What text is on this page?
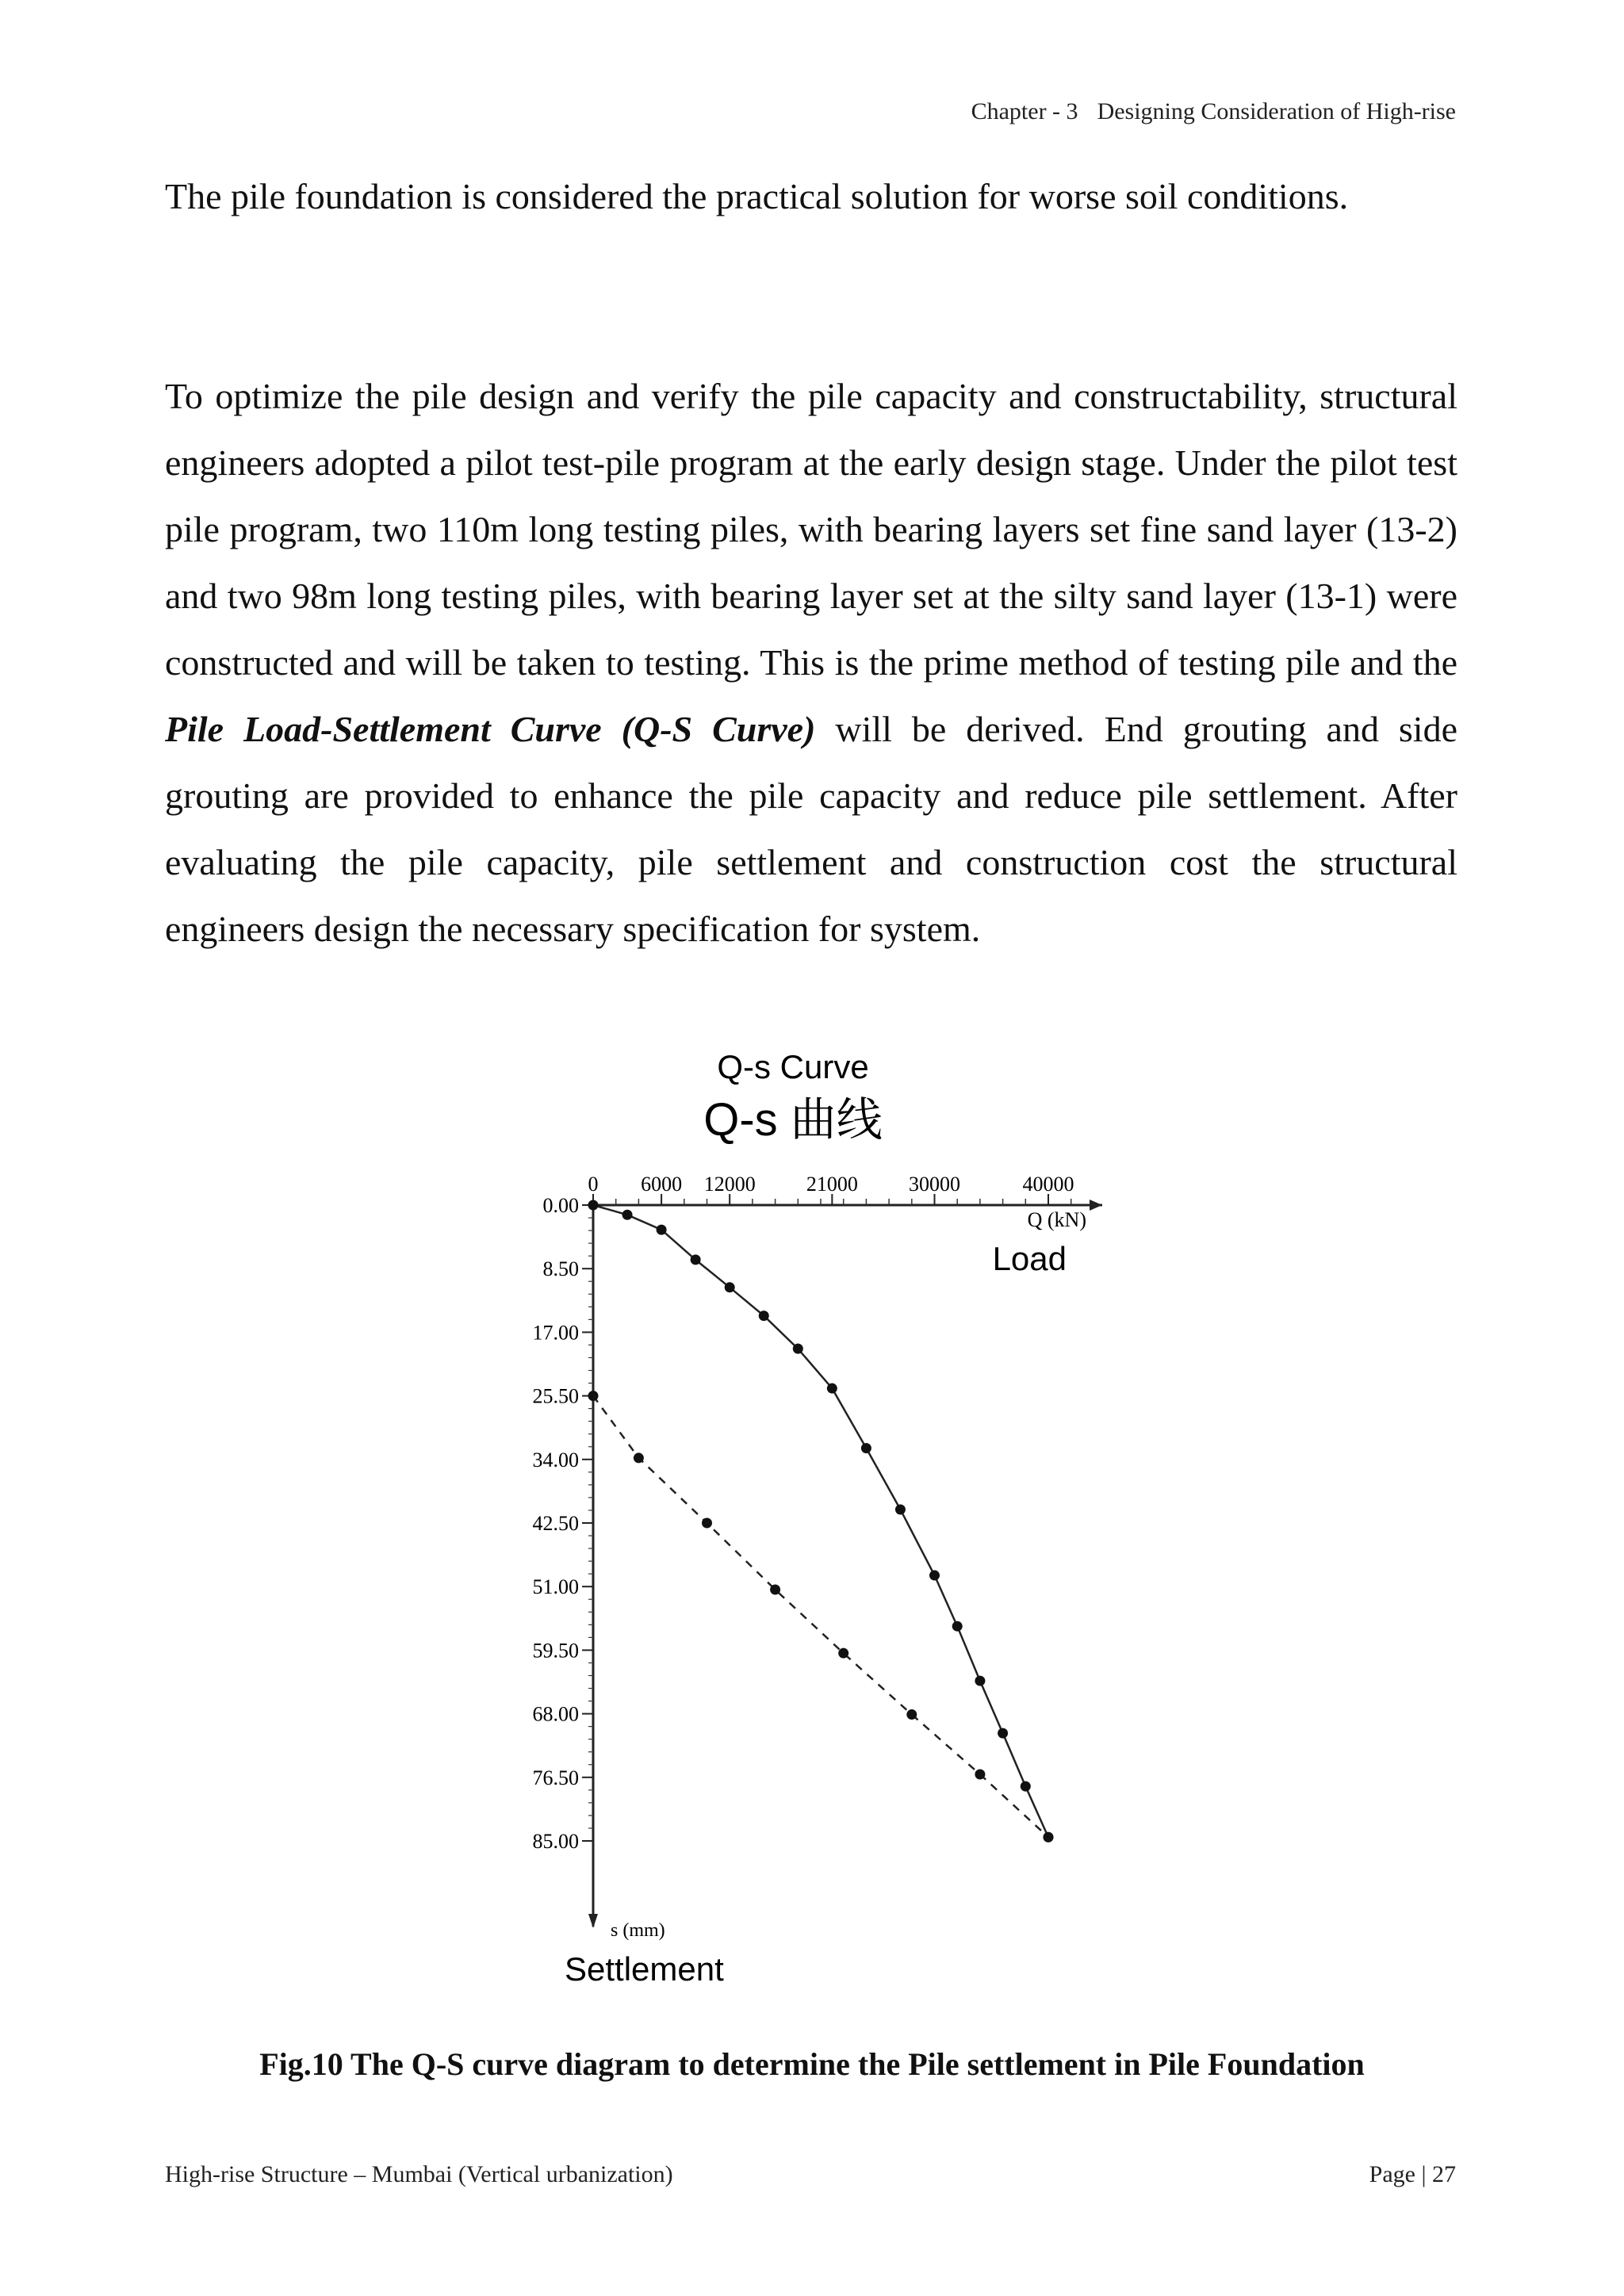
Chapter - 3 Designing Consideration of High-rise

The pile foundation is considered the practical solution for worse soil conditions.

To optimize the pile design and verify the pile capacity and constructability, structural engineers adopted a pilot test-pile program at the early design stage. Under the pilot test pile program, two 110m long testing piles, with bearing layers set fine sand layer (13-2) and two 98m long testing piles, with bearing layer set at the silty sand layer (13-1) were constructed and will be taken to testing. This is the prime method of testing pile and the Pile Load-Settlement Curve (Q-S Curve) will be derived. End grouting and side grouting are provided to enhance the pile capacity and reduce pile settlement. After evaluating the pile capacity, pile settlement and construction cost the structural engineers design the necessary specification for system.

Q-s Curve
Q-s 曲线
0 6000 12000 21000 30000	40000
0.00
8.50
17.00
25.50
34.00
42.50
51.00
59.50
68.00
76.50
85.00
Load
Q (kN)
s (mm)
Settlement
Fig.10 The Q-S curve diagram to determine the Pile settlement in Pile Foundation
High-rise Structure – Mumbai (Vertical urbanization)	Page | 27
